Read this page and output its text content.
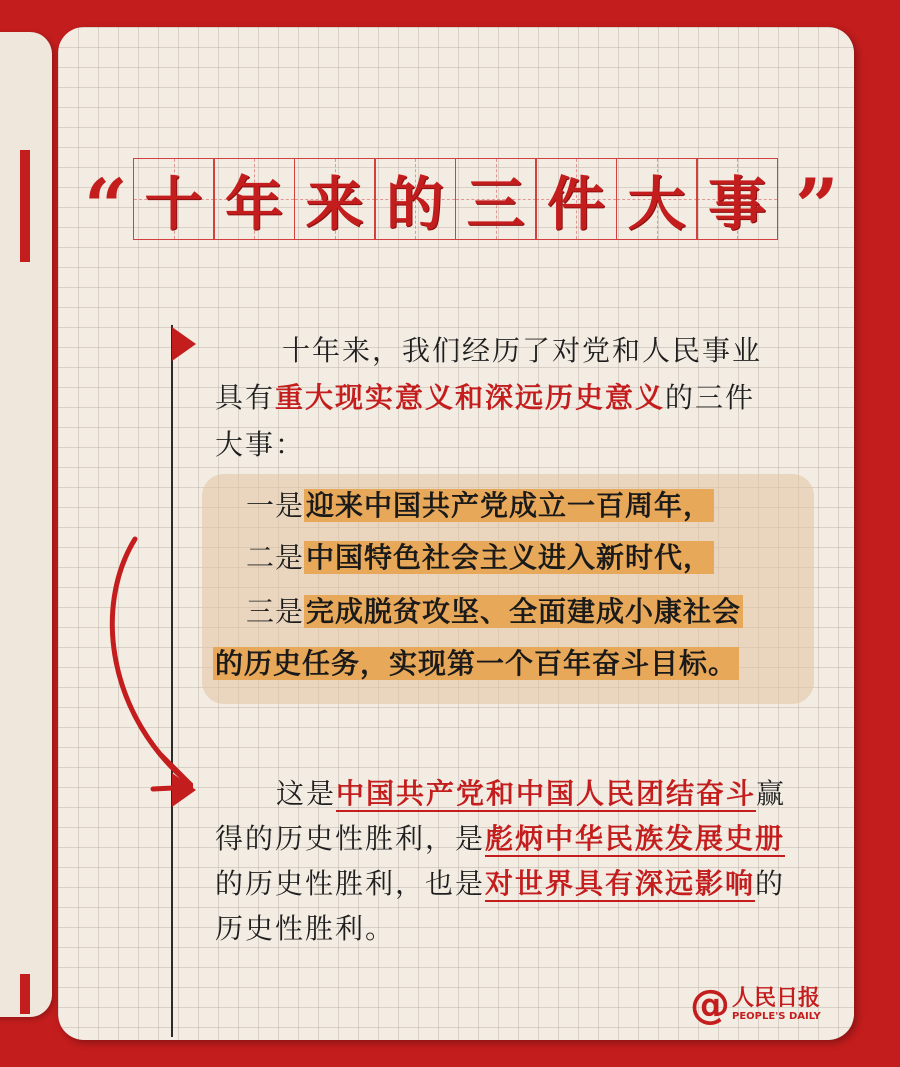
“	”
十 年 来 的 三 件 大 事
十年来，我们经历了对党和人民事业
具有重大现实意义和深远历史意义的三件
大事：
一是迎来中国共产党成立一百周年，
二是中国特色社会主义进入新时代，
三是完成脱贫攻坚、全面建成小康社会
的历史任务，实现第一个百年奋斗目标。
这是中国共产党和中国人民团结奋斗赢
得的历史性胜利，是彪炳中华民族发展史册
的历史性胜利，也是对世界具有深远影响的
历史性胜利。
@ 人民日报
PEOPLE'S DAILY
